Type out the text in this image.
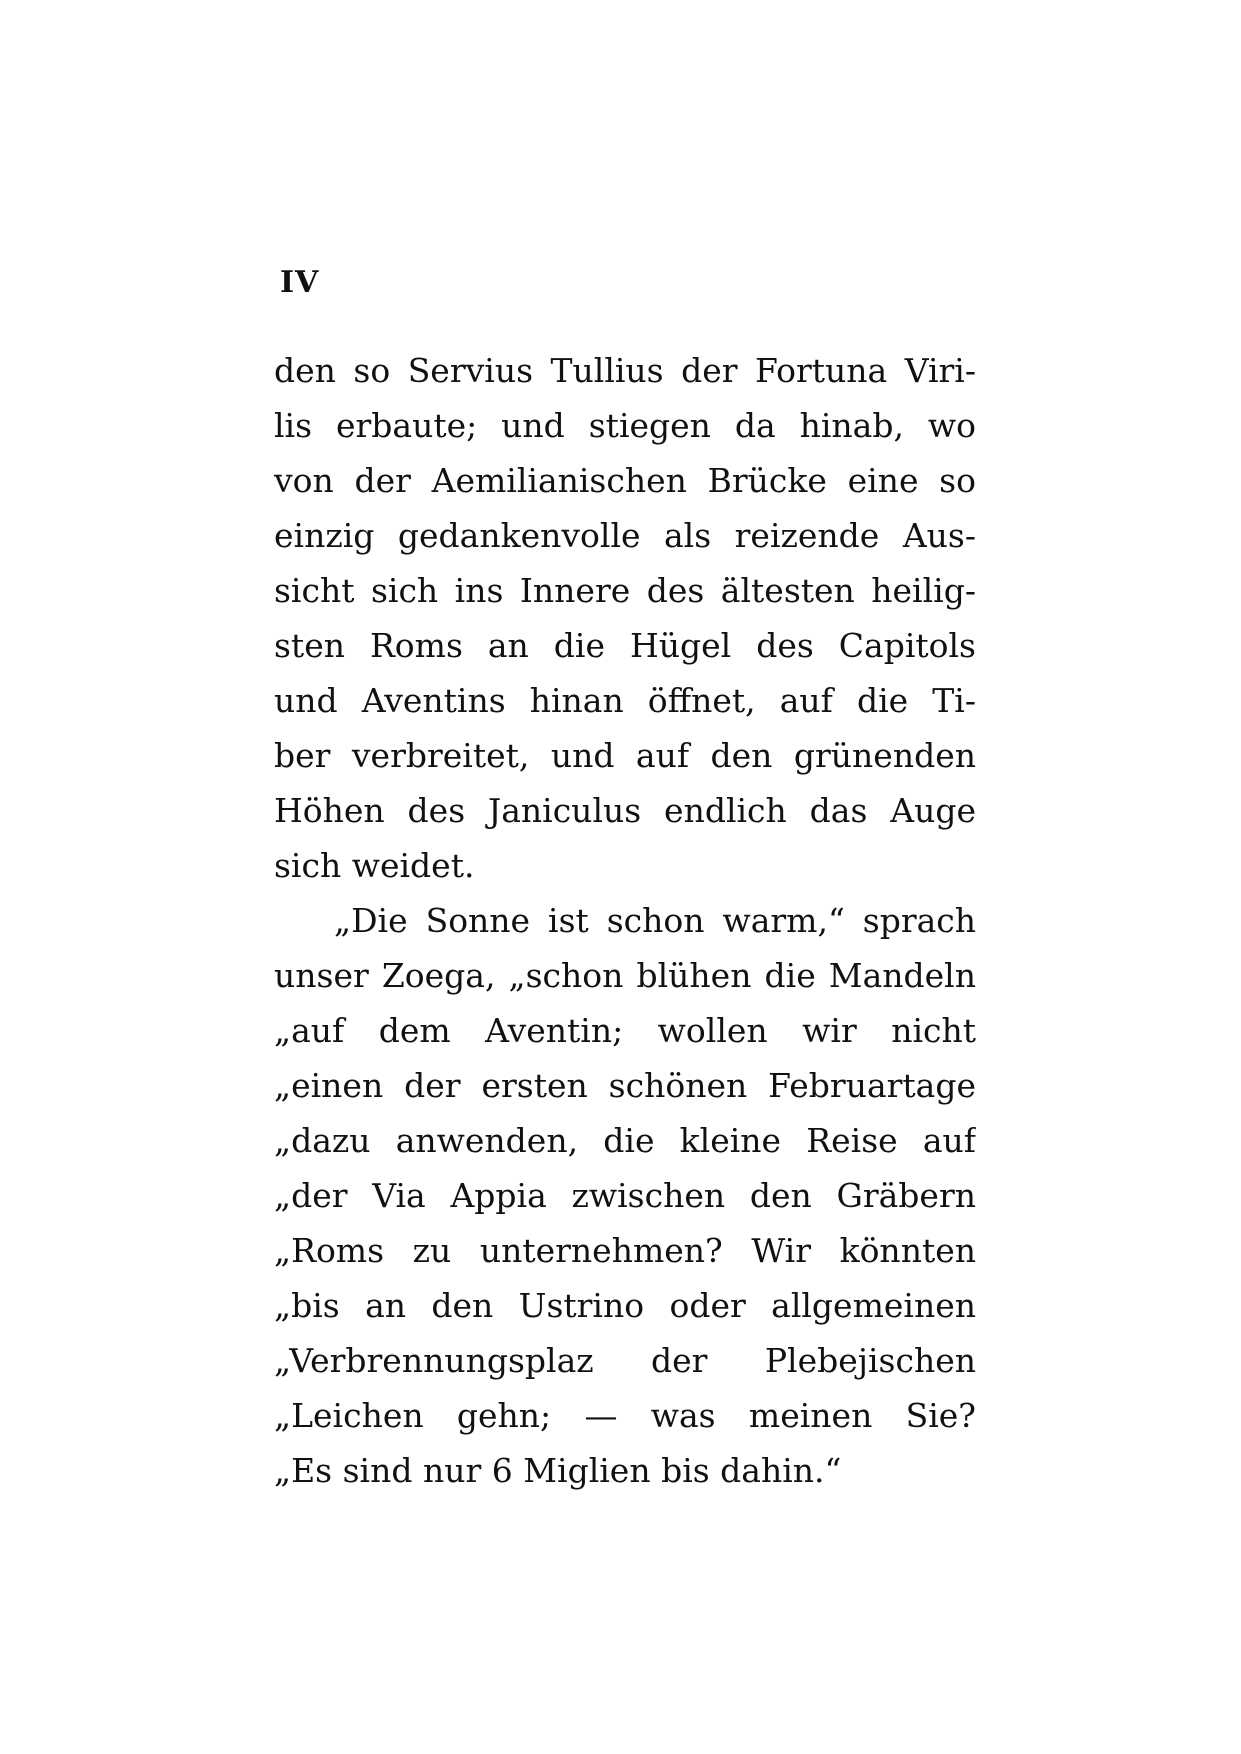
IV
den so Servius Tullius der Fortuna Viri-
lis erbaute; und stiegen da hinab, wo
von der Aemilianischen Brücke eine so
einzig gedankenvolle als reizende Aus-
sicht sich ins Innere des ältesten heilig-
sten Roms an die Hügel des Capitols
und Aventins hinan öffnet, auf die Ti-
ber verbreitet, und auf den grünenden
Höhen des Janiculus endlich das Auge
sich weidet.
„Die Sonne ist schon warm,“ sprach
unser Zoega, „schon blühen die Mandeln
„auf dem Aventin; wollen wir nicht
„einen der ersten schönen Februartage
„dazu anwenden, die kleine Reise auf
„der Via Appia zwischen den Gräbern
„Roms zu unternehmen? Wir könnten
„bis an den Ustrino oder allgemeinen
„Verbrennungsplaz der Plebejischen
„Leichen gehn; — was meinen Sie?
„Es sind nur 6 Miglien bis dahin.“
